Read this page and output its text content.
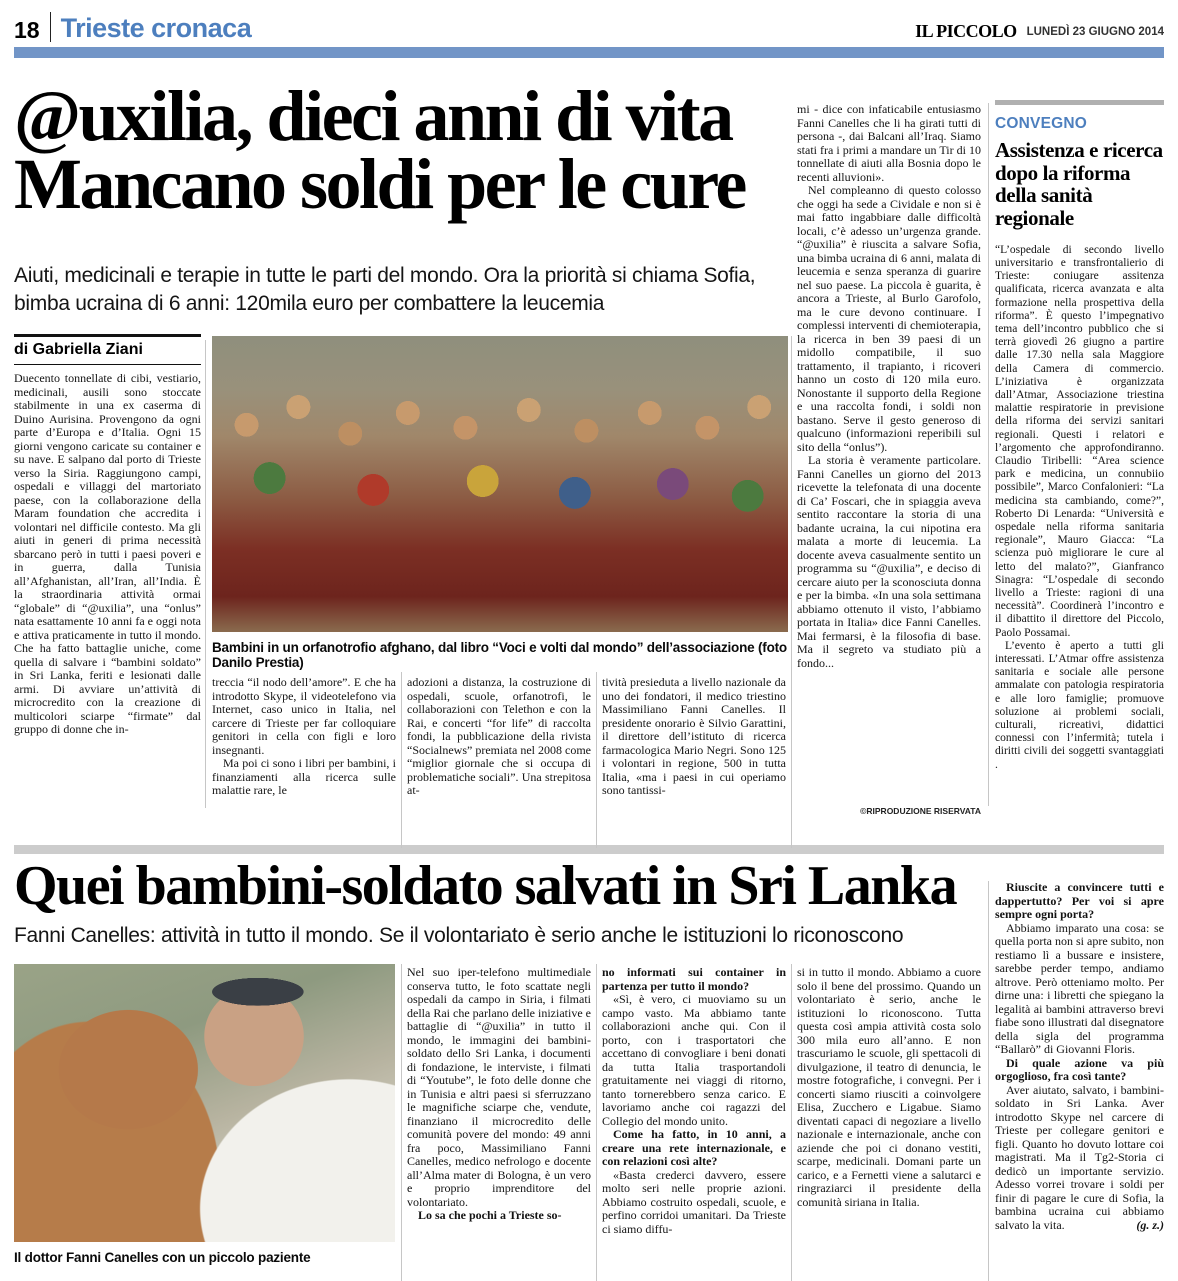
18 Trieste cronaca	IL PICCOLO LUNEDÌ 23 GIUGNO 2014
@uxilia, dieci anni di vita
Mancano soldi per le cure

Aiuti, medicinali e terapie in tutte le parti del mondo. Ora la priorità si chiama Sofia, bimba ucraina di 6 anni: 120mila euro per combattere la leucemia

di Gabriella Ziani

Duecento tonnellate di cibi, vestiario, medicinali, ausili sono stoccate stabilmente in una ex caserma di Duino Aurisina. Provengono da ogni parte d’Europa e d’Italia. Ogni 15 giorni vengono caricate su container e su nave. E salpano dal porto di Trieste verso la Siria. Raggiungono campi, ospedali e villaggi del martoriato paese, con la collaborazione della Maram foundation che accredita i volontari nel difficile contesto. Ma gli aiuti in generi di prima necessità sbarcano però in tutti i paesi poveri e in guerra, dalla Tunisia all’Afghanistan, all’Iran, all’India. È la straordinaria attività ormai “globale” di “@uxilia”, una “onlus” nata esattamente 10 anni fa e oggi nota e attiva praticamente in tutto il mondo. Che ha fatto battaglie uniche, come quella di salvare i “bambini soldato” in Sri Lanka, feriti e lesionati dalle armi. Di avviare un’attività di microcredito con la creazione di multicolori sciarpe “firmate” dal gruppo di donne che in-

Bambini in un orfanotrofio afghano, dal libro “Voci e volti dal mondo” dell’associazione (foto Danilo Prestia)

treccia “il nodo dell’amore”. E che ha introdotto Skype, il videotelefono via Internet, caso unico in Italia, nel carcere di Trieste per far colloquiare genitori in cella con figli e loro insegnanti.

Ma poi ci sono i libri per bambini, i finanziamenti alla ricerca sulle malattie rare, le

adozioni a distanza, la costruzione di ospedali, scuole, orfanotrofi, le collaborazioni con Telethon e con la Rai, e concerti “for life” di raccolta fondi, la pubblicazione della rivista “Socialnews” premiata nel 2008 come “miglior giornale che si occupa di problematiche sociali”. Una strepitosa at-

tività presieduta a livello nazionale da uno dei fondatori, il medico triestino Massimiliano Fanni Canelles. Il presidente onorario è Silvio Garattini, il direttore dell’istituto di ricerca farmacologica Mario Negri. Sono 125 i volontari in regione, 500 in tutta Italia, «ma i paesi in cui operiamo sono tantissi-

mi - dice con infaticabile entusiasmo Fanni Canelles che li ha girati tutti di persona -, dai Balcani all’Iraq. Siamo stati fra i primi a mandare un Tir di 10 tonnellate di aiuti alla Bosnia dopo le recenti alluvioni».

Nel compleanno di questo colosso che oggi ha sede a Cividale e non si è mai fatto ingabbiare dalle difficoltà locali, c’è adesso un’urgenza grande. “@uxilia” è riuscita a salvare Sofia, una bimba ucraina di 6 anni, malata di leucemia e senza speranza di guarire nel suo paese. La piccola è guarita, è ancora a Trieste, al Burlo Garofolo, ma le cure devono continuare. I complessi interventi di chemioterapia, la ricerca in ben 39 paesi di un midollo compatibile, il suo trattamento, il trapianto, i ricoveri hanno un costo di 120 mila euro. Nonostante il supporto della Regione e una raccolta fondi, i soldi non bastano. Serve il gesto generoso di qualcuno (informazioni reperibili sul sito della “onlus”).

La storia è veramente particolare. Fanni Canelles un giorno del 2013 ricevette la telefonata di una docente di Ca’ Foscari, che in spiaggia aveva sentito raccontare la storia di una badante ucraina, la cui nipotina era malata a morte di leucemia. La docente aveva casualmente sentito un programma su “@uxilia”, e deciso di cercare aiuto per la sconosciuta donna e per la bimba. «In una sola settimana abbiamo ottenuto il visto, l’abbiamo portata in Italia» dice Fanni Canelles. Mai fermarsi, è la filosofia di base. Ma il segreto va studiato più a fondo...

©RIPRODUZIONE RISERVATA
CONVEGNO
Assistenza e ricerca dopo la riforma della sanità regionale

“L’ospedale di secondo livello universitario e transfrontalierio di Trieste: coniugare assitenza qualificata, ricerca avanzata e alta formazione nella prospettiva della riforma”. È questo l’impegnativo tema dell’incontro pubblico che si terrà giovedì 26 giugno a partire dalle 17.30 nella sala Maggiore della Camera di commercio. L’iniziativa è organizzata dall’Atmar, Associazione triestina malattie respiratorie in previsione della riforma dei servizi sanitari regionali. Questi i relatori e l’argomento che approfondiranno. Claudio Tiribelli: “Area science park e medicina, un connubiio possibile”, Marco Confalonieri: “La medicina sta cambiando, come?”, Roberto Di Lenarda: “Università e ospedale nella riforma sanitaria regionale”, Mauro Giacca: “La scienza può migliorare le cure al letto del malato?”, Gianfranco Sinagra: “L’ospedale di secondo livello a Trieste: ragioni di una necessità”. Coordinerà l’incontro e il dibattito il direttore del Piccolo, Paolo Possamai.

L’evento è aperto a tutti gli interessati. L’Atmar offre assistenza sanitaria e sociale alle persone ammalate con patologia respiratoria e alle loro famiglie; promuove soluzione ai problemi sociali, culturali, ricreativi, didattici connessi con l’infermità; tutela i diritti civili dei soggetti svantaggiati .

Quei bambini-soldato salvati in Sri Lanka

Fanni Canelles: attività in tutto il mondo. Se il volontariato è serio anche le istituzioni lo riconoscono

Il dottor Fanni Canelles con un piccolo paziente

Nel suo iper-telefono multimediale conserva tutto, le foto scattate negli ospedali da campo in Siria, i filmati della Rai che parlano delle iniziative e battaglie di “@uxilia” in tutto il mondo, le immagini dei bambini-soldato dello Sri Lanka, i documenti di fondazione, le interviste, i filmati di “Youtube”, le foto delle donne che in Tunisia e altri paesi si sferruzzano le magnifiche sciarpe che, vendute, finanziano il microcredito delle comunità povere del mondo: 49 anni fra poco, Massimiliano Fanni Canelles, medico nefrologo e docente all’Alma mater di Bologna, è un vero e proprio imprenditore del volontariato.

Lo sa che pochi a Trieste so-

no informati sui container in partenza per tutto il mondo?

«Sì, è vero, ci muoviamo su un campo vasto. Ma abbiamo tante collaborazioni anche qui. Con il porto, con i trasportatori che accettano di convogliare i beni donati da tutta Italia trasportandoli gratuitamente nei viaggi di ritorno, tanto tornerebbero senza carico. E lavoriamo anche coi ragazzi del Collegio del mondo unito.

Come ha fatto, in 10 anni, a creare una rete internazionale, e con relazioni così alte?

«Basta crederci davvero, essere molto seri nelle proprie azioni. Abbiamo costruito ospedali, scuole, e perfino corridoi umanitari. Da Trieste ci siamo diffu-

si in tutto il mondo. Abbiamo a cuore solo il bene del prossimo. Quando un volontariato è serio, anche le istituzioni lo riconoscono. Tutta questa così ampia attività costa solo 300 mila euro all’anno. E non trascuriamo le scuole, gli spettacoli di divulgazione, il teatro di denuncia, le mostre fotografiche, i convegni. Per i concerti siamo riusciti a coinvolgere Elisa, Zucchero e Ligabue. Siamo diventati capaci di negoziare a livello nazionale e internazionale, anche con aziende che poi ci donano vestiti, scarpe, medicinali. Domani parte un carico, e a Fernetti viene a salutarci e ringraziarci il presidente della comunità siriana in Italia.

Riuscite a convincere tutti e dappertutto? Per voi si apre sempre ogni porta?

Abbiamo imparato una cosa: se quella porta non si apre subito, non restiamo lì a bussare e insistere, sarebbe perder tempo, andiamo altrove. Però otteniamo molto. Per dirne una: i libretti che spiegano la legalità ai bambini attraverso brevi fiabe sono illustrati dal disegnatore della sigla del programma “Ballarò” di Giovanni Floris.

Di quale azione va più orgoglioso, fra così tante?

Aver aiutato, salvato, i bambini-soldato in Sri Lanka. Aver introdotto Skype nel carcere di Trieste per collegare genitori e figli. Quanto ho dovuto lottare coi magistrati. Ma il Tg2-Storia ci dedicò un importante servizio. Adesso vorrei trovare i soldi per finir di pagare le cure di Sofia, la bambina ucraina cui abbiamo salvato la vita.	(g. z.)
